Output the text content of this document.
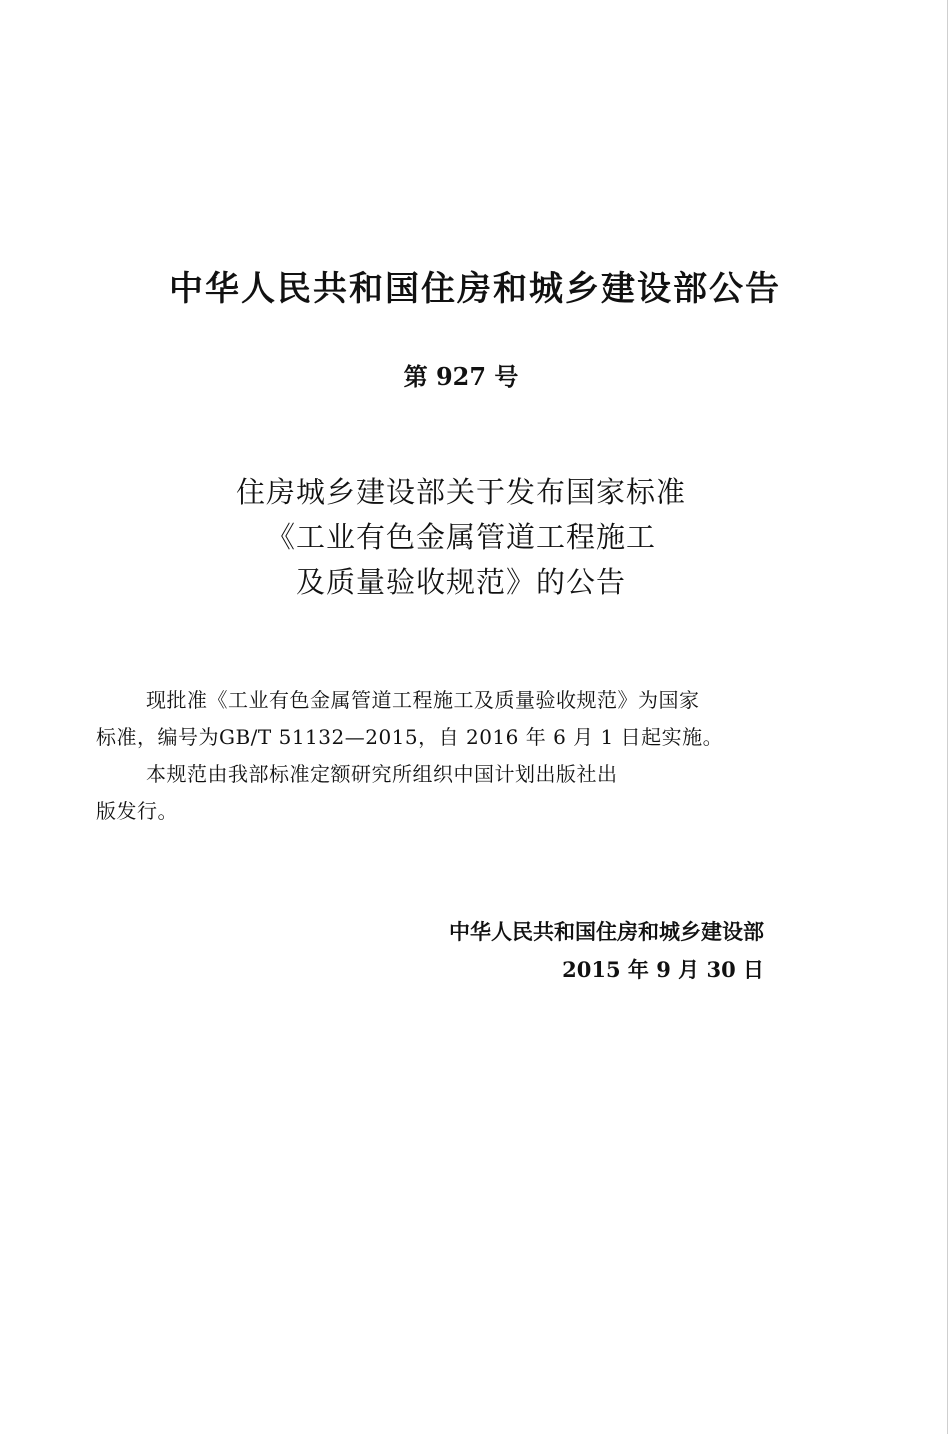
中华人民共和国住房和城乡建设部公告
第 927 号
住房城乡建设部关于发布国家标准
《工业有色金属管道工程施工
及质量验收规范》的公告
现批准《工业有色金属管道工程施工及质量验收规范》为国家
标准，编号为GB/T 51132—2015，自 2016 年 6 月 1 日起实施。
本规范由我部标准定额研究所组织中国计划出版社出
版发行。
中华人民共和国住房和城乡建设部
2015 年 9 月 30 日
